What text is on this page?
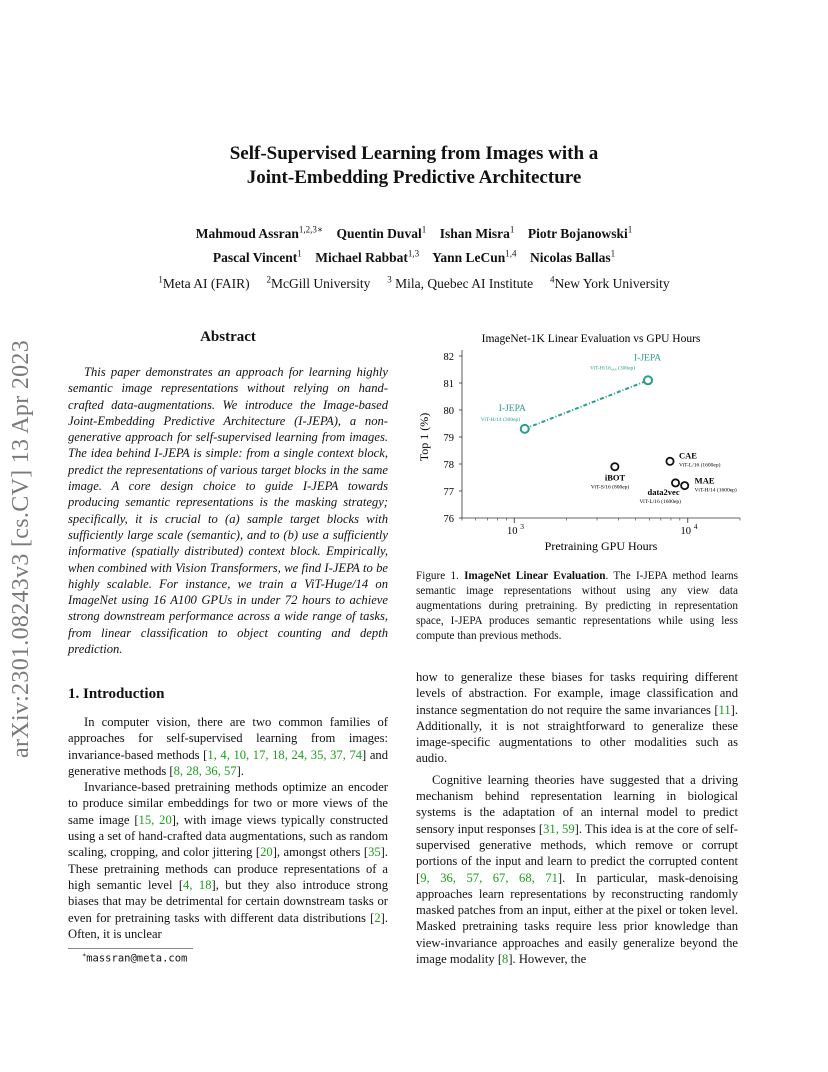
arXiv:2301.08243v3 [cs.CV] 13 Apr 2023
Self-Supervised Learning from Images with a
Joint-Embedding Predictive Architecture
Mahmoud Assran$^{1,2,3∗}$ Quentin Duval$^1$ Ishan Misra$^1$ Piotr Bojanowski$^1$
Pascal Vincent$^1$ Michael Rabbat$^{1,3}$ Yann LeCun$^{1,4}$ Nicolas Ballas$^1$
$^1$Meta AI (FAIR) $^2$McGill University $^3$ Mila, Quebec AI Institute $^4$New York University
Abstract

This paper demonstrates an approach for learning highly semantic image representations without relying on hand-crafted data-augmentations. We introduce the Image-based Joint-Embedding Predictive Architecture (I-JEPA), a non-generative approach for self-supervised learning from images. The idea behind I-JEPA is simple: from a single context block, predict the representations of various target blocks in the same image. A core design choice to guide I-JEPA towards producing semantic representations is the masking strategy; specifically, it is crucial to (a) sample target blocks with sufficiently large scale (semantic), and to (b) use a sufficiently informative (spatially distributed) context block. Empirically, when combined with Vision Transformers, we find I-JEPA to be highly scalable. For instance, we train a ViT-Huge/14 on ImageNet using 16 A100 GPUs in under 72 hours to achieve strong downstream performance across a wide range of tasks, from linear classification to object counting and depth prediction.

1. Introduction

In computer vision, there are two common families of approaches for self-supervised learning from images: invariance-based methods [1, 4, 10, 17, 18, 24, 35, 37, 74] and generative methods [8, 28, 36, 57].

Invariance-based pretraining methods optimize an encoder to produce similar embeddings for two or more views of the same image [15, 20], with image views typically constructed using a set of hand-crafted data augmentations, such as random scaling, cropping, and color jittering [20], amongst others [35]. These pretraining methods can produce representations of a high semantic level [4, 18], but they also introduce strong biases that may be detrimental for certain downstream tasks or even for pretraining tasks with different data distributions [2]. Often, it is unclear

∗massran@meta.com
ImageNet-1K Linear Evaluation vs GPU Hours
76
77
78
79
80
81
82
10 3	10 4
Pretraining GPU Hours
Top 1 (%)
I-JEPA
ViT-H/14 (300ep)
I-JEPA
ViT-H/16₄₄₈ (300ep)
iBOT
ViT-S/16 (800ep)
CAE
ViT-L/16 (1600ep)
data2vec
ViT-L/16 (1600ep)
MAE
ViT-H/14 (1600ep)
Figure 1. ImageNet Linear Evaluation. The I-JEPA method learns semantic image representations without using any view data augmentations during pretraining. By predicting in representation space, I-JEPA produces semantic representations while using less compute than previous methods.

how to generalize these biases for tasks requiring different levels of abstraction. For example, image classification and instance segmentation do not require the same invariances [11]. Additionally, it is not straightforward to generalize these image-specific augmentations to other modalities such as audio.

Cognitive learning theories have suggested that a driving mechanism behind representation learning in biological systems is the adaptation of an internal model to predict sensory input responses [31, 59]. This idea is at the core of self-supervised generative methods, which remove or corrupt portions of the input and learn to predict the corrupted content [9, 36, 57, 67, 68, 71]. In particular, mask-denoising approaches learn representations by reconstructing randomly masked patches from an input, either at the pixel or token level. Masked pretraining tasks require less prior knowledge than view-invariance approaches and easily generalize beyond the image modality [8]. However, the
